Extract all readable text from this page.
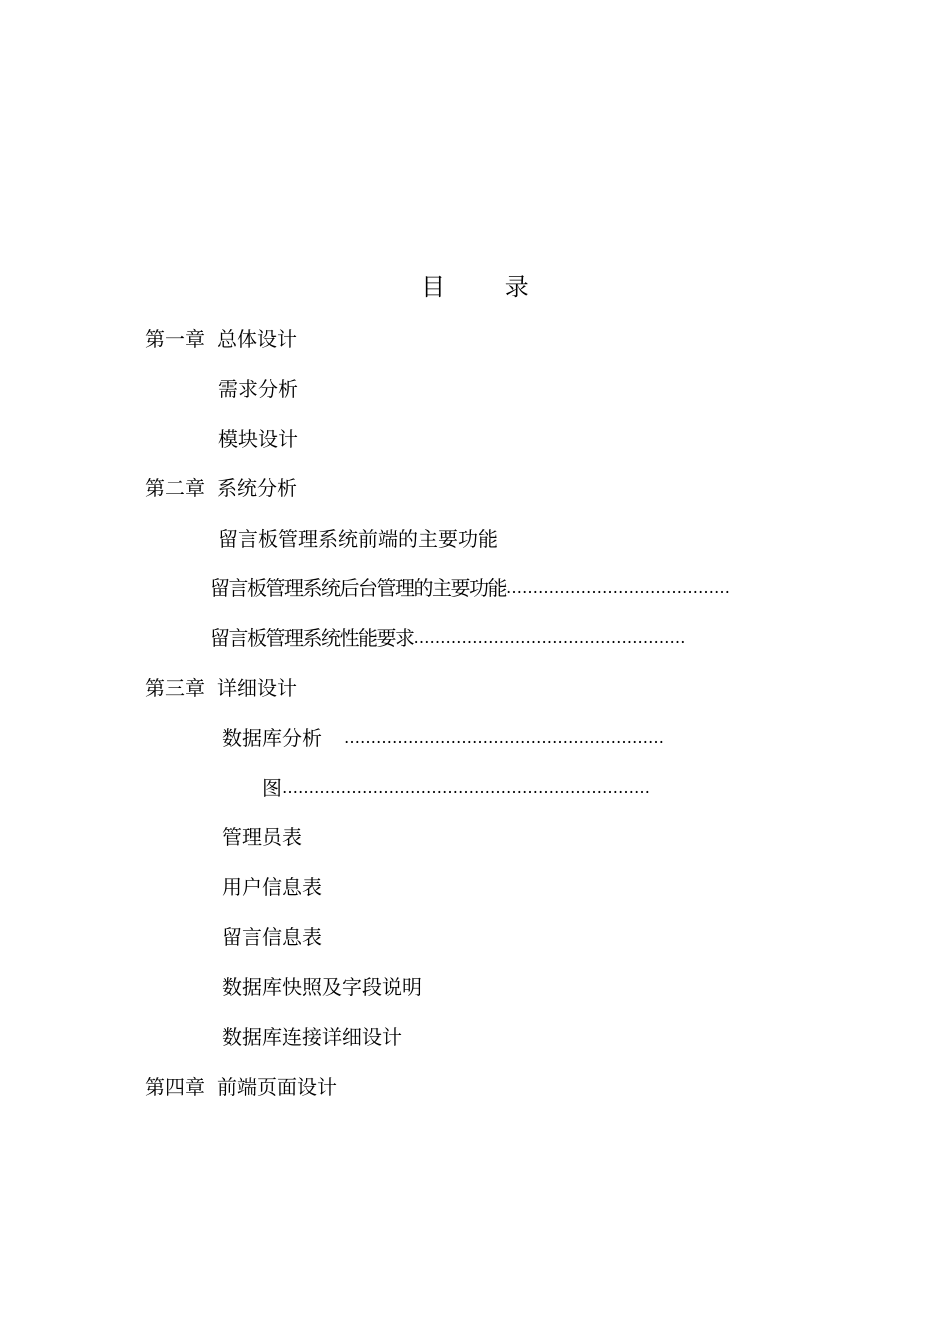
目 录
第一章 总体设计
需求分析
模块设计
第二章 系统分析
留言板管理系统前端的主要功能
留言板管理系统后台管理的主要功能……………………………………
留言板管理系统性能要求……………………………………………
第三章 详细设计
数据库分析 ……………………………………………………
图……………………………………………………………
管理员表
用户信息表
留言信息表
数据库快照及字段说明
数据库连接详细设计
第四章 前端页面设计
